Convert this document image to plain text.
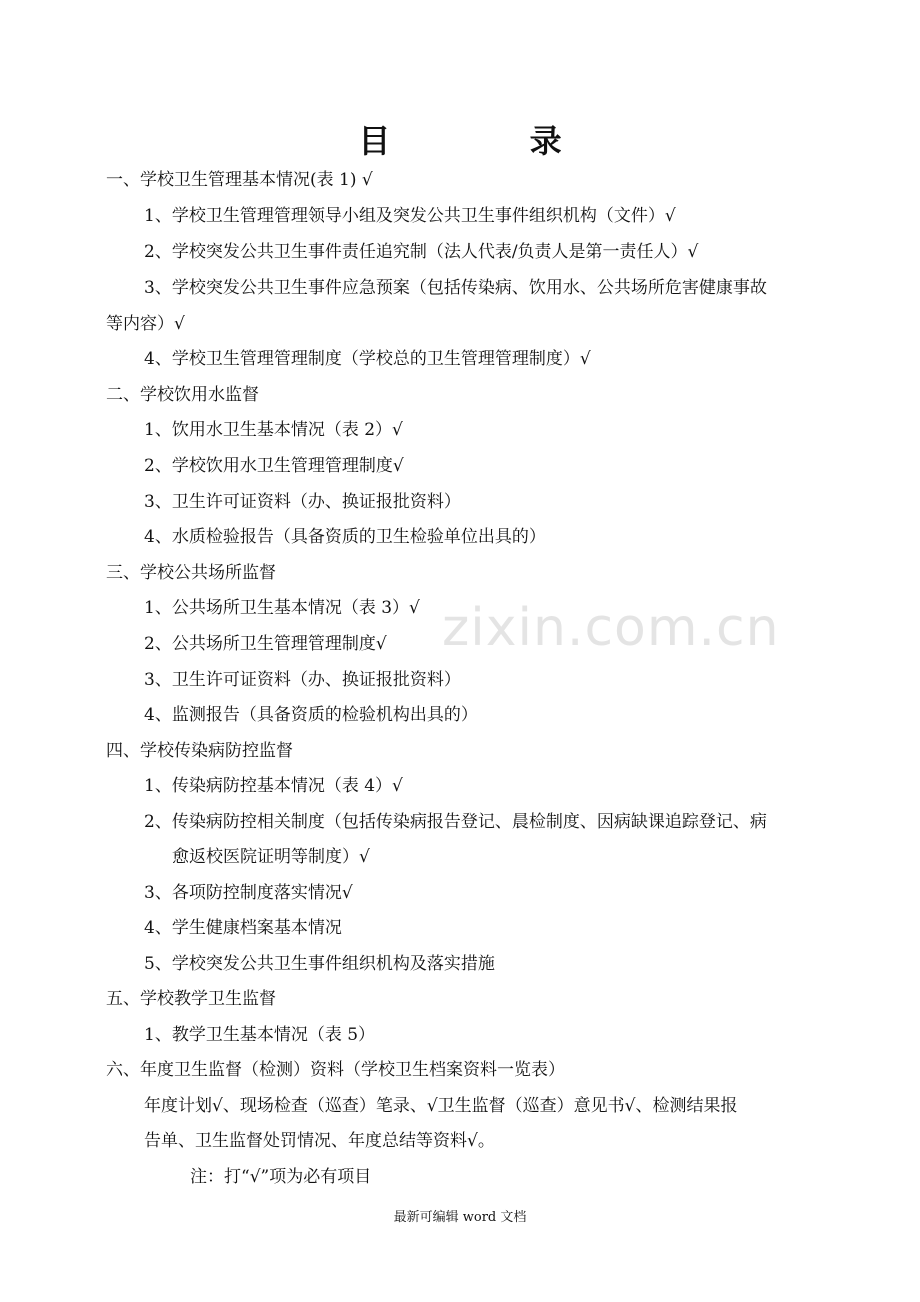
目 录
zixin.com.cn
一、学校卫生管理基本情况(表 1) √
1、学校卫生管理管理领导小组及突发公共卫生事件组织机构（文件）√
2、学校突发公共卫生事件责任追究制（法人代表/负责人是第一责任人）√
3、学校突发公共卫生事件应急预案（包括传染病、饮用水、公共场所危害健康事故
等内容）√
4、学校卫生管理管理制度（学校总的卫生管理管理制度）√
二、学校饮用水监督
1、饮用水卫生基本情况（表 2）√
2、学校饮用水卫生管理管理制度√
3、卫生许可证资料（办、换证报批资料）
4、水质检验报告（具备资质的卫生检验单位出具的）
三、学校公共场所监督
1、公共场所卫生基本情况（表 3）√
2、公共场所卫生管理管理制度√
3、卫生许可证资料（办、换证报批资料）
4、监测报告（具备资质的检验机构出具的）
四、学校传染病防控监督
1、传染病防控基本情况（表 4）√
2、传染病防控相关制度（包括传染病报告登记、晨检制度、因病缺课追踪登记、病
愈返校医院证明等制度）√
3、各项防控制度落实情况√
4、学生健康档案基本情况
5、学校突发公共卫生事件组织机构及落实措施
五、学校教学卫生监督
1、教学卫生基本情况（表 5）
六、年度卫生监督（检测）资料（学校卫生档案资料一览表）
年度计划√、现场检查（巡查）笔录、√卫生监督（巡查）意见书√、检测结果报
告单、卫生监督处罚情况、年度总结等资料√。
注：打“√”项为必有项目
最新可编辑 word 文档
